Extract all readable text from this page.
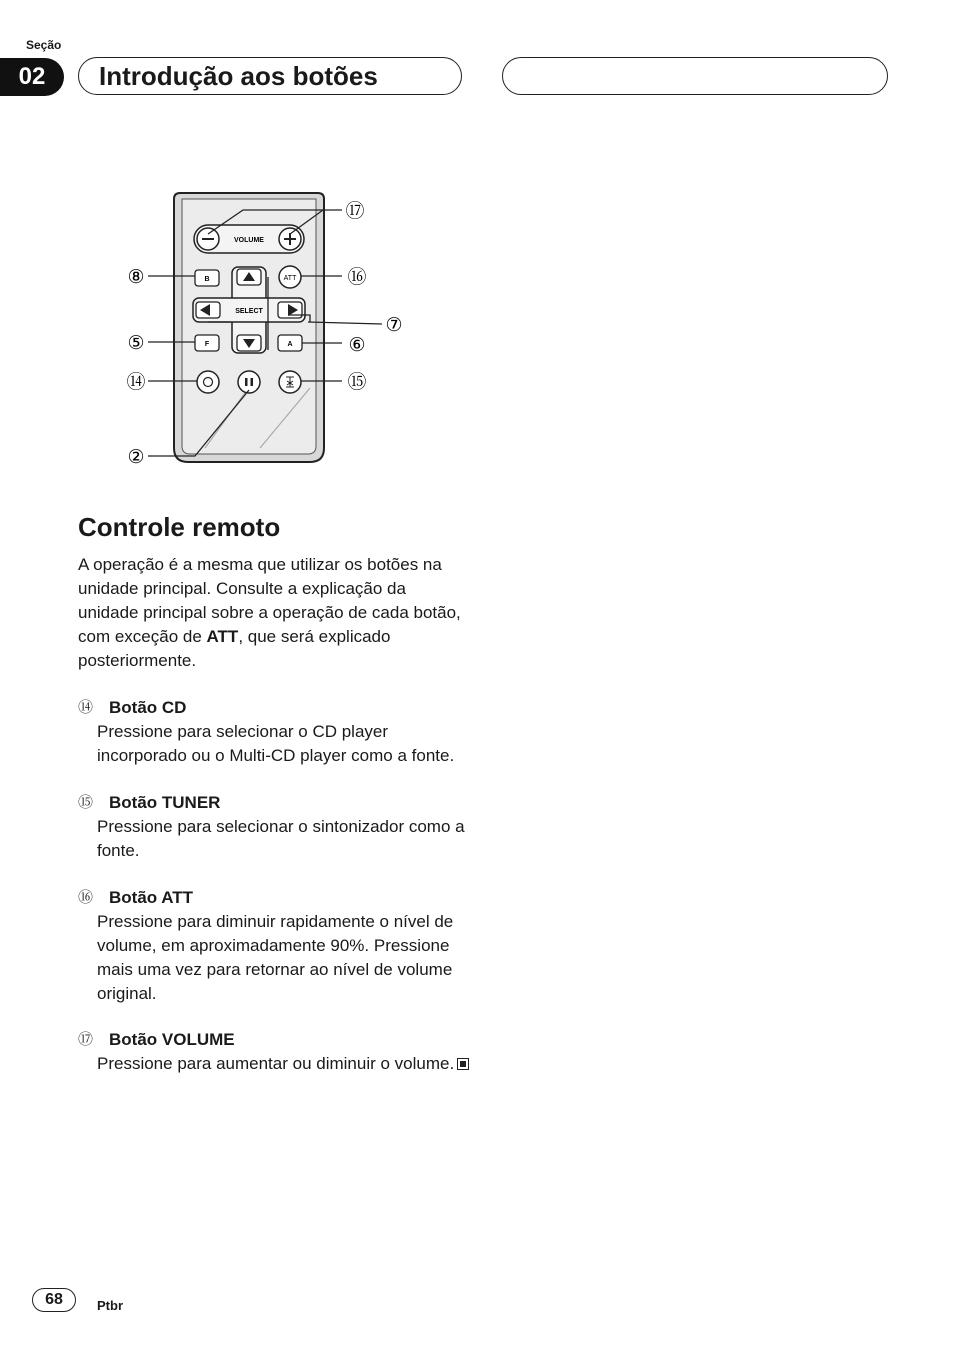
Seção
02	Introdução aos botões
VOLUME
SELECT
B	ATT
F	A
⑰
⑧	⑯
⑦
⑤	⑥
⑭	⑮
②
Controle remoto

A operação é a mesma que utilizar os botões na unidade principal. Consulte a explicação da unidade principal sobre a operação de cada botão, com exceção de ATT, que será explicado posteriormente.

⑭ Botão CD
Pressione para selecionar o CD player incorporado ou o Multi-CD player como a fonte.
⑮ Botão TUNER
Pressione para selecionar o sintonizador como a fonte.
⑯ Botão ATT
Pressione para diminuir rapidamente o nível de volume, em aproximadamente 90%. Pressione mais uma vez para retornar ao nível de volume original.
⑰ Botão VOLUME
Pressione para aumentar ou diminuir o volume.
68	Ptbr
